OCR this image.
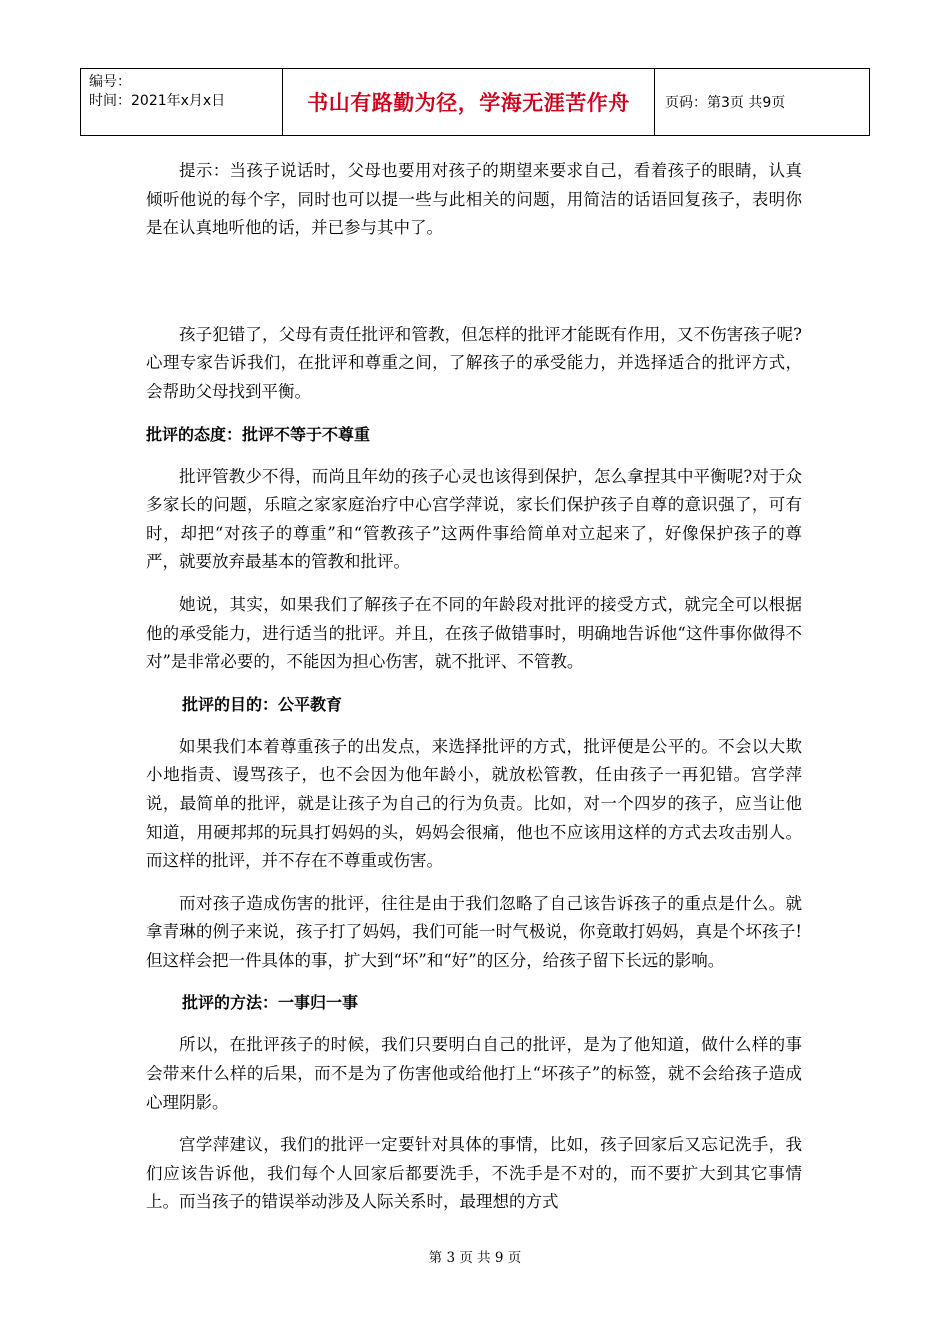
编号：
时间：2021年x月x日	书山有路勤为径，学海无涯苦作舟	页码：第3页 共9页

提示：当孩子说话时，父母也要用对孩子的期望来要求自己，看着孩子的眼睛，认真倾听他说的每个字，同时也可以提一些与此相关的问题，用简洁的话语回复孩子，表明你是在认真地听他的话，并已参与其中了。

孩子犯错了，父母有责任批评和管教，但怎样的批评才能既有作用，又不伤害孩子呢?心理专家告诉我们，在批评和尊重之间，了解孩子的承受能力，并选择适合的批评方式，会帮助父母找到平衡。

批评的态度：批评不等于不尊重

批评管教少不得，而尚且年幼的孩子心灵也该得到保护，怎么拿捏其中平衡呢?对于众多家长的问题，乐暄之家家庭治疗中心宫学萍说，家长们保护孩子自尊的意识强了，可有时，却把“对孩子的尊重”和“管教孩子”这两件事给简单对立起来了，好像保护孩子的尊严，就要放弃最基本的管教和批评。

她说，其实，如果我们了解孩子在不同的年龄段对批评的接受方式，就完全可以根据他的承受能力，进行适当的批评。并且，在孩子做错事时，明确地告诉他“这件事你做得不对”是非常必要的，不能因为担心伤害，就不批评、不管教。

批评的目的：公平教育

如果我们本着尊重孩子的出发点，来选择批评的方式，批评便是公平的。不会以大欺小地指责、谩骂孩子，也不会因为他年龄小，就放松管教，任由孩子一再犯错。宫学萍说，最简单的批评，就是让孩子为自己的行为负责。比如，对一个四岁的孩子，应当让他知道，用硬邦邦的玩具打妈妈的头，妈妈会很痛，他也不应该用这样的方式去攻击别人。而这样的批评，并不存在不尊重或伤害。

而对孩子造成伤害的批评，往往是由于我们忽略了自己该告诉孩子的重点是什么。就拿青琳的例子来说，孩子打了妈妈，我们可能一时气极说，你竟敢打妈妈，真是个坏孩子!但这样会把一件具体的事，扩大到“坏”和“好”的区分，给孩子留下长远的影响。

批评的方法：一事归一事

所以，在批评孩子的时候，我们只要明白自己的批评，是为了他知道，做什么样的事会带来什么样的后果，而不是为了伤害他或给他打上“坏孩子”的标签，就不会给孩子造成心理阴影。

宫学萍建议，我们的批评一定要针对具体的事情，比如，孩子回家后又忘记洗手，我们应该告诉他，我们每个人回家后都要洗手，不洗手是不对的，而不要扩大到其它事情上。而当孩子的错误举动涉及人际关系时，最理想的方式

第 3 页 共 9 页
